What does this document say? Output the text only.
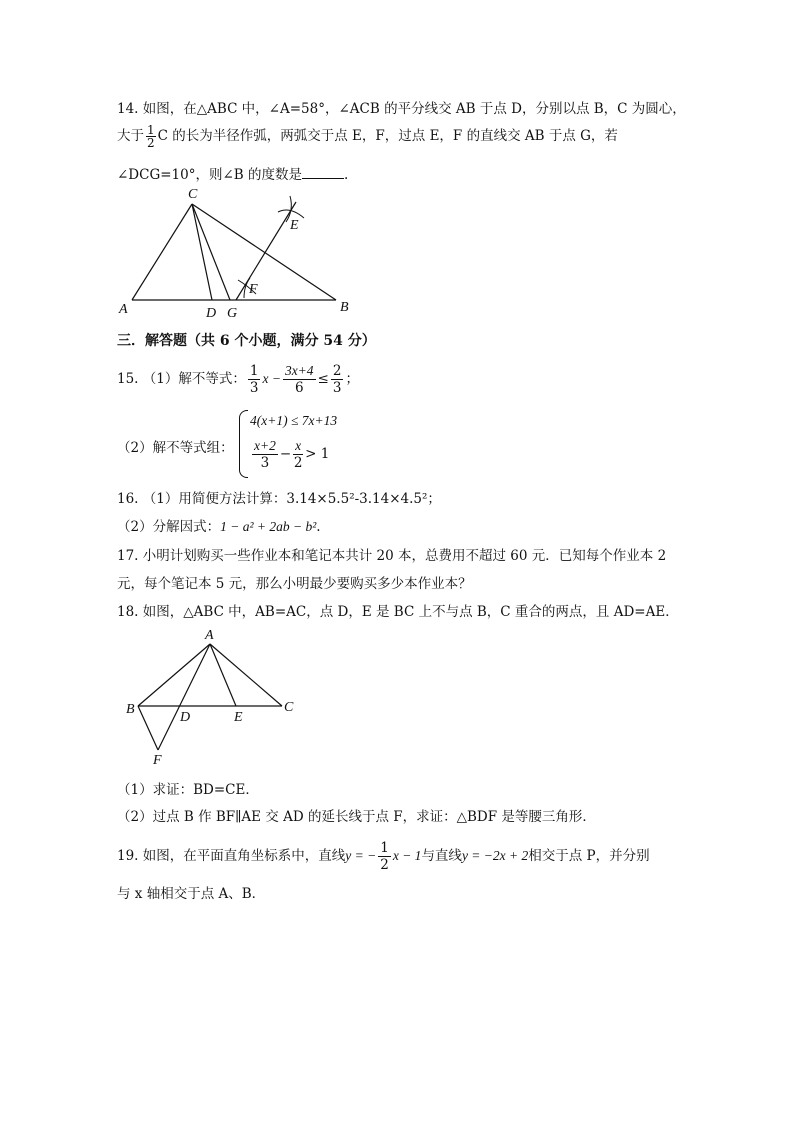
14. 如图，在△ABC 中，∠A=58°，∠ACB 的平分线交 AB 于点 D，分别以点 B，C 为圆心，
大于 $\frac{1}{2}$ C 的长为半径作弧，两弧交于点 E，F，过点 E，F 的直线交 AB 于点 G，若
∠DCG=10°，则∠B 的度数是	.
C
E
F
A	D G	B
三．解答题（共 6 个小题，满分 54 分）
15. （1）解不等式： $\frac{1}{3}$ $x - \frac{3x+4}{6} \le \frac{2}{3}$ ；
（2）解不等式组：
4(x+1) ≤ 7x+13
$\frac{x+2}{3} - \frac{x}{2} > 1$
16. （1）用简便方法计算：3.14×5.5²-3.14×4.5²；
（2）分解因式：1 − a² + 2ab − b².
17. 小明计划购买一些作业本和笔记本共计 20 本，总费用不超过 60 元．已知每个作业本 2
元，每个笔记本 5 元，那么小明最少要购买多少本作业本？
18. 如图，△ABC 中，AB=AC，点 D，E 是 BC 上不与点 B，C 重合的两点，且 AD=AE．
A
B	C
D	E
F
（1）求证：BD=CE．
（2）过点 B 作 BF∥AE 交 AD 的延长线于点 F，求证：△BDF 是等腰三角形．
19. 如图，在平面直角坐标系中，直线y = − $\frac{1}{2}$ x − 1与直线y = −2x + 2相交于点 P，并分别
与 x 轴相交于点 A、B．
